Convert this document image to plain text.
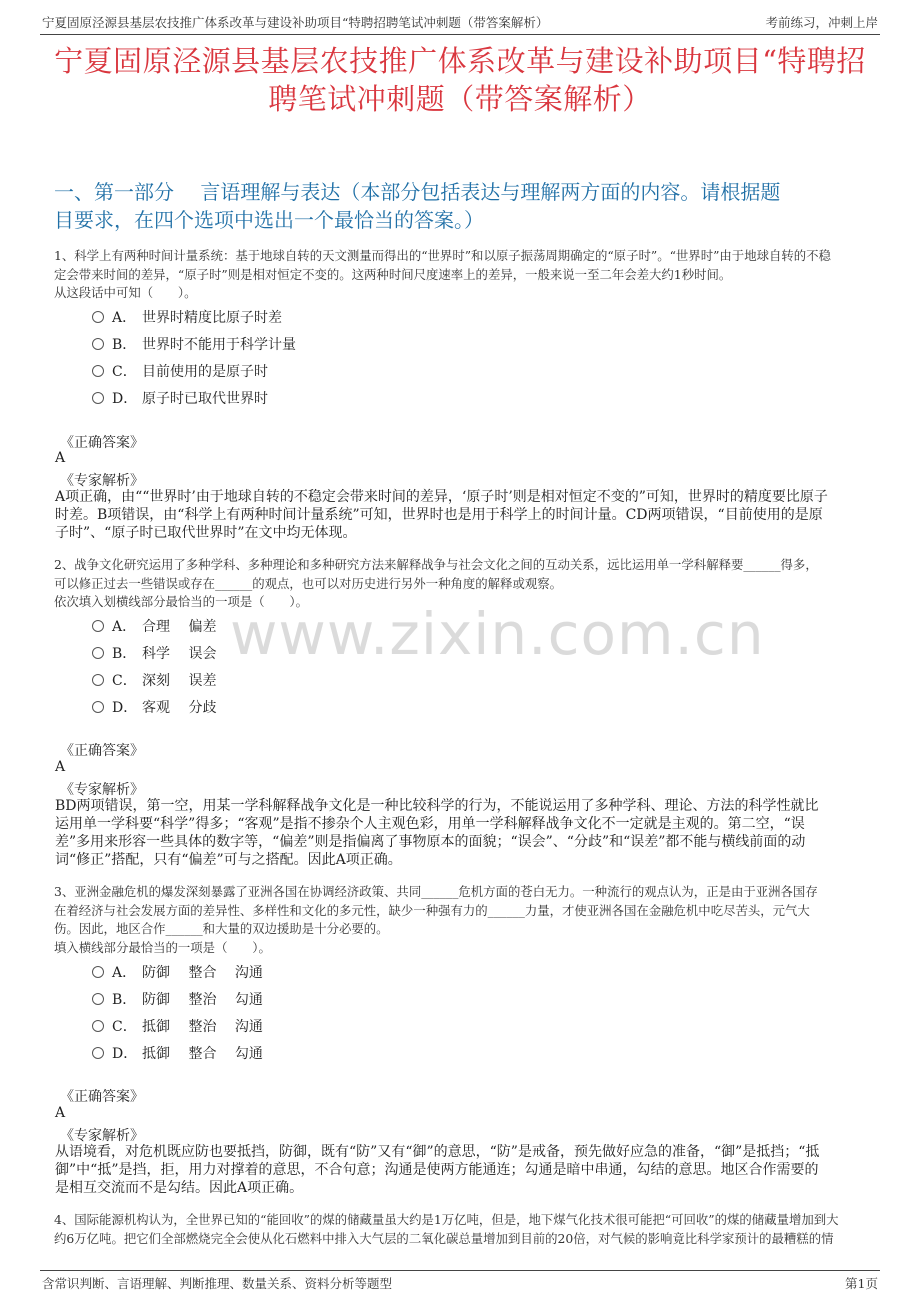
宁夏固原泾源县基层农技推广体系改革与建设补助项目“特聘招聘笔试冲刺题（带答案解析）	考前练习，冲刺上岸
宁夏固原泾源县基层农技推广体系改革与建设补助项目“特聘招
聘笔试冲刺题（带答案解析）
一、第一部分　 言语理解与表达（本部分包括表达与理解两方面的内容。请根据题
目要求，在四个选项中选出一个最恰当的答案。）
www.zixin.com.cn
1、科学上有两种时间计量系统：基于地球自转的天文测量而得出的“世界时”和以原子振荡周期确定的“原子时”。“世界时”由于地球自转的不稳
定会带来时间的差异，“原子时”则是相对恒定不变的。这两种时间尺度速率上的差异，一般来说一至二年会差大约1秒时间。
从这段话中可知（　　）。
A． 世界时精度比原子时差
B． 世界时不能用于科学计量
C． 目前使用的是原子时
D． 原子时已取代世界时
《正确答案》
A
《专家解析》
A项正确，由““世界时’由于地球自转的不稳定会带来时间的差异，‘原子时’则是相对恒定不变的”可知，世界时的精度要比原子
时差。B项错误，由“科学上有两种时间计量系统”可知，世界时也是用于科学上的时间计量。CD两项错误，“目前使用的是原
子时”、“原子时已取代世界时”在文中均无体现。
2、战争文化研究运用了多种学科、多种理论和多种研究方法来解释战争与社会文化之间的互动关系，远比运用单一学科解释要______得多，
可以修正过去一些错误或存在______的观点，也可以对历史进行另外一种角度的解释或观察。
依次填入划横线部分最恰当的一项是（　　）。
A． 合理　 偏差
B． 科学　 误会
C． 深刻　 误差
D． 客观　 分歧
《正确答案》
A
《专家解析》
BD两项错误，第一空，用某一学科解释战争文化是一种比较科学的行为，不能说运用了多种学科、理论、方法的科学性就比
运用单一学科要“科学”得多；“客观”是指不掺杂个人主观色彩，用单一学科解释战争文化不一定就是主观的。第二空，“误
差”多用来形容一些具体的数字等，“偏差”则是指偏离了事物原本的面貌；“误会”、“分歧”和“误差”都不能与横线前面的动
词“修正”搭配，只有“偏差”可与之搭配。因此A项正确。
3、亚洲金融危机的爆发深刻暴露了亚洲各国在协调经济政策、共同______危机方面的苍白无力。一种流行的观点认为，正是由于亚洲各国存
在着经济与社会发展方面的差异性、多样性和文化的多元性，缺少一种强有力的______力量，才使亚洲各国在金融危机中吃尽苦头，元气大
伤。因此，地区合作______和大量的双边援助是十分必要的。
填入横线部分最恰当的一项是（　　）。
A． 防御　 整合　 沟通
B． 防御　 整治　 勾通
C． 抵御　 整治　 沟通
D． 抵御　 整合　 勾通
《正确答案》
A
《专家解析》
从语境看，对危机既应防也要抵挡，防御，既有“防”又有“御”的意思，“防”是戒备，预先做好应急的准备，“御”是抵挡；“抵
御”中“抵”是挡，拒，用力对撑着的意思，不合句意；沟通是使两方能通连；勾通是暗中串通，勾结的意思。地区合作需要的
是相互交流而不是勾结。因此A项正确。
4、国际能源机构认为，全世界已知的“能回收”的煤的储藏量虽大约是1万亿吨，但是，地下煤气化技术很可能把“可回收”的煤的储藏量增加到大
约6万亿吨。把它们全部燃烧完全会使从化石燃料中排入大气层的二氧化碳总量增加到目前的20倍，对气候的影响竟比科学家预计的最糟糕的情
含常识判断、言语理解、判断推理、数量关系、资料分析等题型	第1页
